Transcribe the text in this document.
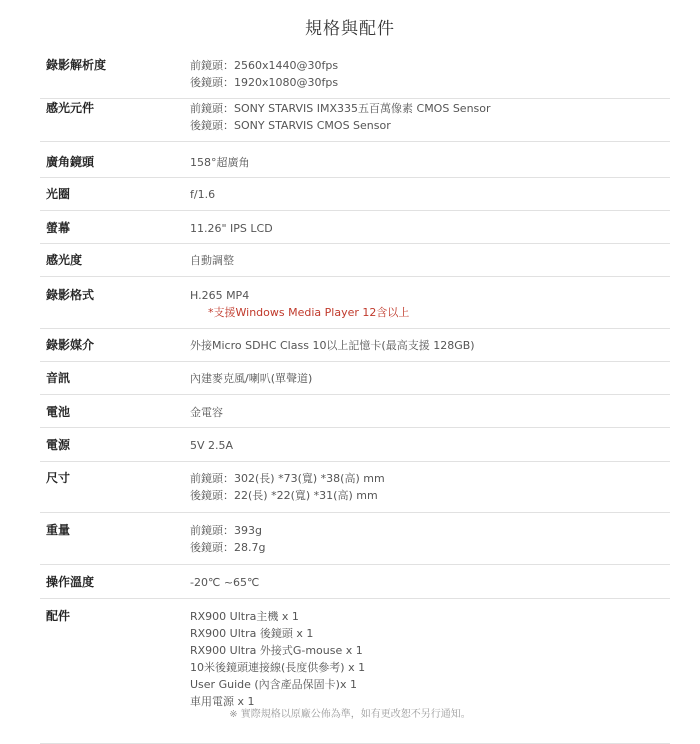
規格與配件
錄影解析度	前鏡頭：2560x1440@30fps
後鏡頭：1920x1080@30fps
感光元件	前鏡頭：SONY STARVIS IMX335五百萬像素 CMOS Sensor
後鏡頭：SONY STARVIS CMOS Sensor
廣角鏡頭	158°超廣角
光圈	f/1.6
螢幕	11.26" IPS LCD
感光度	自動調整
錄影格式	H.265 MP4
*支援Windows Media Player 12含以上
錄影媒介	外接Micro SDHC Class 10以上記憶卡(最高支援 128GB)
音訊	內建麥克風/喇叭(單聲道)
電池	金電容
電源	5V 2.5A
尺寸	前鏡頭：302(長) *73(寬) *38(高) mm
後鏡頭：22(長) *22(寬) *31(高) mm
重量	前鏡頭：393g
後鏡頭：28.7g
操作溫度	-20℃ ~65℃
配件	RX900 Ultra主機 x 1
RX900 Ultra 後鏡頭 x 1
RX900 Ultra 外接式G-mouse x 1
10米後鏡頭連接線(長度供參考) x 1
User Guide (內含產品保固卡)x 1
車用電源 x 1
※ 實際規格以原廠公佈為準，如有更改恕不另行通知。
